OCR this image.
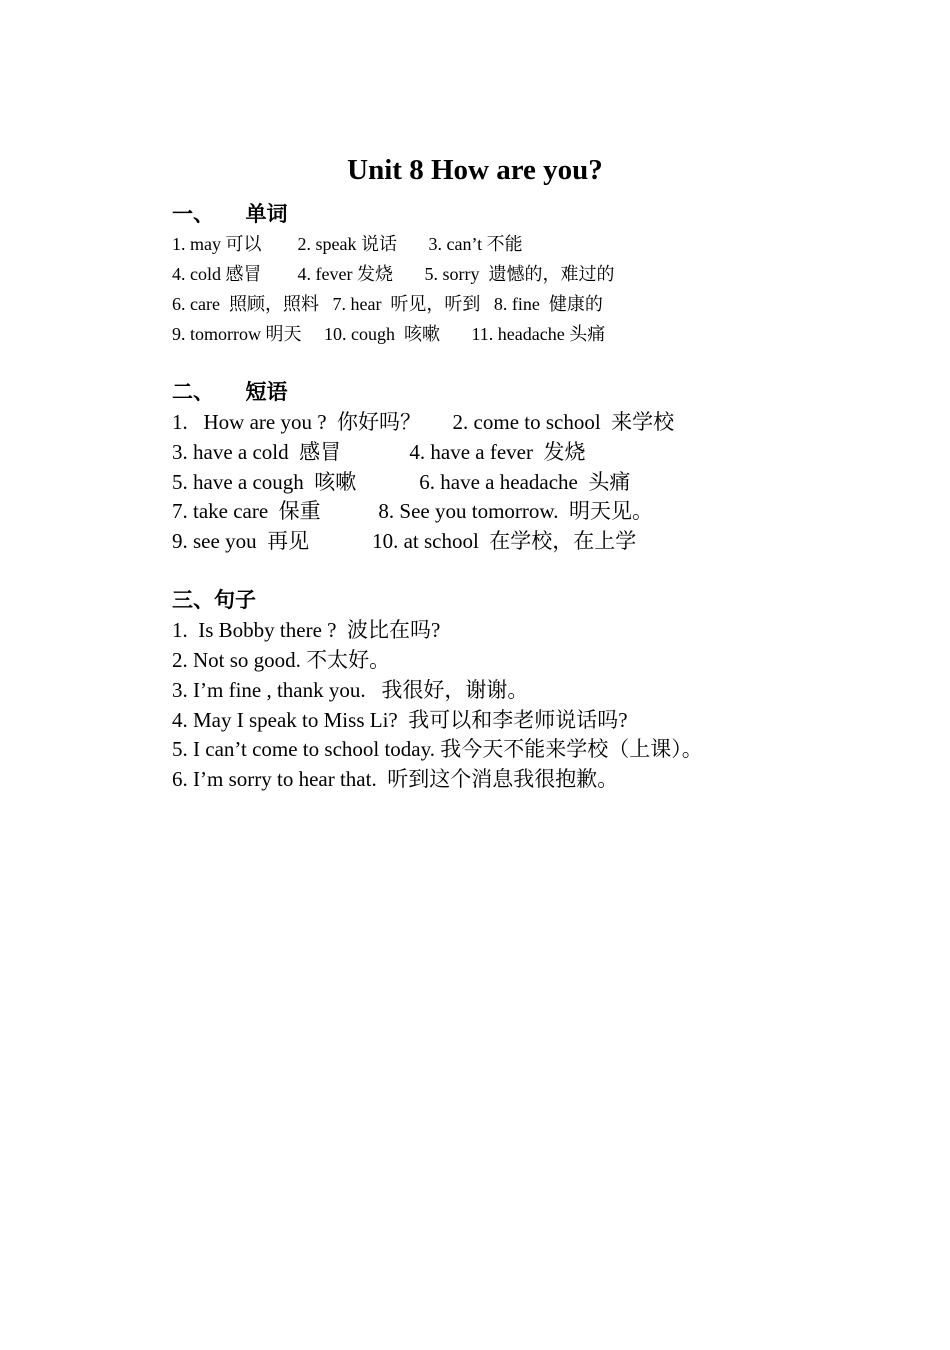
Unit 8 How are you?
一、      单词
1. may 可以        2. speak 说话       3. can’t 不能
4. cold 感冒        4. fever 发烧       5. sorry  遗憾的，难过的
6. care  照顾，照料   7. hear  听见，听到   8. fine  健康的
9. tomorrow 明天     10. cough  咳嗽       11. headache 头痛
二、      短语
1.   How are you ?  你好吗？      2. come to school  来学校
3. have a cold  感冒             4. have a fever  发烧
5. have a cough  咳嗽            6. have a headache  头痛
7. take care  保重           8. See you tomorrow.  明天见。
9. see you  再见            10. at school  在学校，在上学
三、句子
1.  Is Bobby there ?  波比在吗?
2. Not so good. 不太好。
3. I’m fine , thank you.   我很好，谢谢。
4. May I speak to Miss Li?  我可以和李老师说话吗?
5. I can’t come to school today. 我今天不能来学校（上课）。
6. I’m sorry to hear that.  听到这个消息我很抱歉。
